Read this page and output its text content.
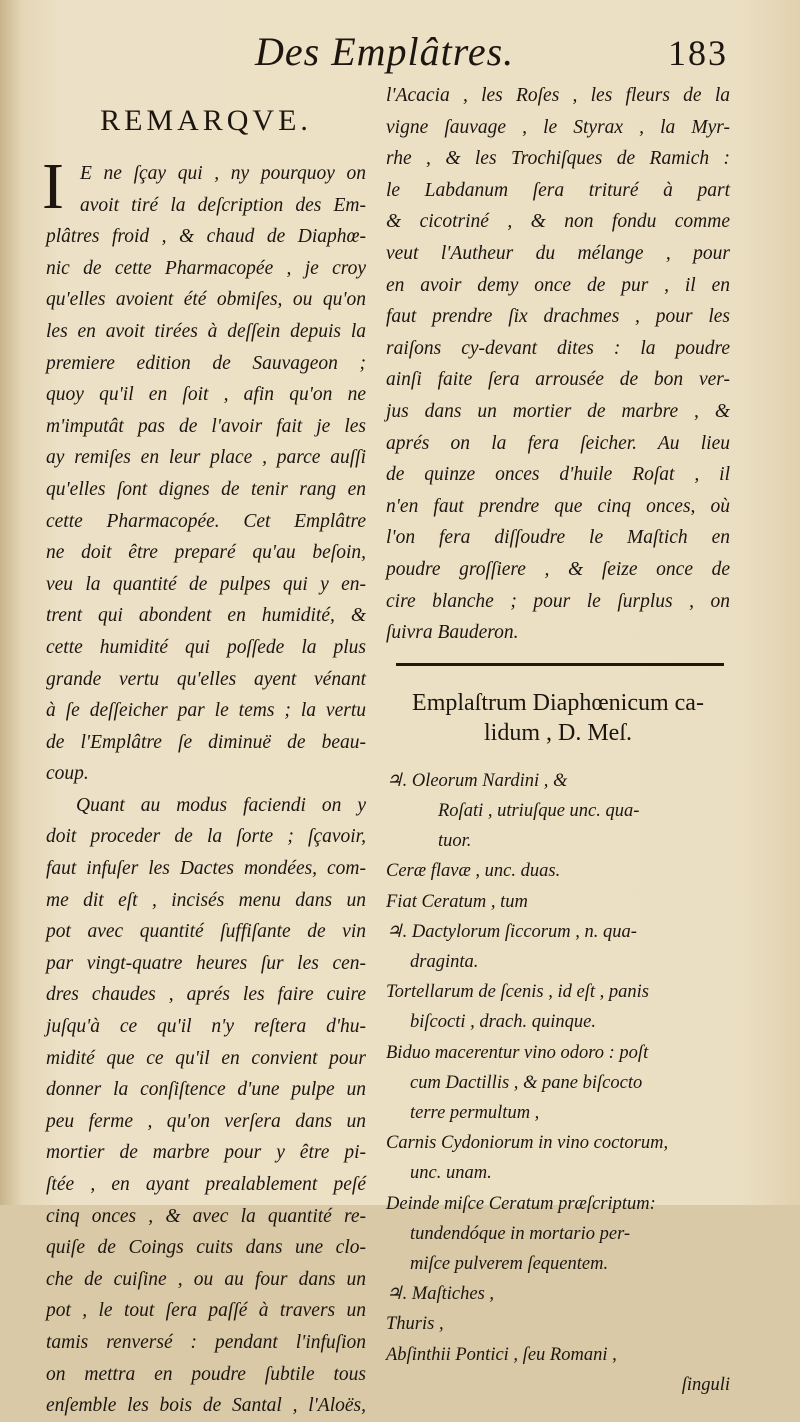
Des Emplâtres.	183
REMARQVE.
I E ne ſçay qui , ny pourquoy on
avoit tiré la deſcription des Em-
plâtres froid , & chaud de Diaphœ-
nic de cette Pharmacopée , je croy
qu'elles avoient été obmiſes, ou qu'on
les en avoit tirées à deſſein depuis la
premiere edition de Sauvageon ;
quoy qu'il en ſoit , afin qu'on ne
m'imputât pas de l'avoir fait je les
ay remiſes en leur place , parce auſſi
qu'elles ſont dignes de tenir rang en
cette Pharmacopée. Cet Emplâtre
ne doit être preparé qu'au beſoin,
veu la quantité de pulpes qui y en-
trent qui abondent en humidité, &
cette humidité qui poſſede la plus
grande vertu qu'elles ayent vénant
à ſe deſſeicher par le tems ; la vertu
de l'Emplâtre ſe diminuë de beau-
coup.
Quant au modus faciendi on y
doit proceder de la ſorte ; ſçavoir,
faut infuſer les Dactes mondées, com-
me dit eſt , incisés menu dans un
pot avec quantité ſuffiſante de vin
par vingt-quatre heures ſur les cen-
dres chaudes , aprés les faire cuire
juſqu'à ce qu'il n'y reſtera d'hu-
midité que ce qu'il en convient pour
donner la conſiſtence d'une pulpe un
peu ferme , qu'on verſera dans un
mortier de marbre pour y être pi-
ſtée , en ayant prealablement peſé
cinq onces , & avec la quantité re-
quiſe de Coings cuits dans une clo-
che de cuiſine , ou au four dans un
pot , le tout ſera paſſé à travers un
tamis renversé : pendant l'infuſion
on mettra en poudre ſubtile tous
enſemble les bois de Santal , l'Aloës,
l'Acacia , les Roſes , les fleurs de la
vigne ſauvage , le Styrax , la Myr-
rhe , & les Trochiſques de Ramich :
le Labdanum ſera trituré à part
& cicotriné , & non fondu comme
veut l'Autheur du mélange , pour
en avoir demy once de pur , il en
faut prendre ſix drachmes , pour les
raiſons cy-devant dites : la poudre
ainſi faite ſera arrousée de bon ver-
jus dans un mortier de marbre , &
aprés on la fera ſeicher. Au lieu
de quinze onces d'huile Roſat , il
n'en faut prendre que cinq onces, où
l'on fera diſſoudre le Maſtich en
poudre groſſiere , & ſeize once de
cire blanche ; pour le ſurplus , on
ſuivra Bauderon.
Emplaſtrum Diaphœnicum ca-
lidum , D. Meſ.
♃. Oleorum Nardini , &
Roſati , utriuſque unc. qua-
tuor.
Ceræ flavæ , unc. duas.
Fiat Ceratum , tum
♃. Dactylorum ſiccorum , n. qua-
draginta.
Tortellarum de ſcenis , id eſt , panis
biſcocti , drach. quinque.
Biduo macerentur vino odoro : poſt
cum Dactillis , & pane biſcocto
terre permultum ,
Carnis Cydoniorum in vino coctorum,
unc. unam.
Deinde miſce Ceratum præſcriptum:
tundendóque in mortario per-
miſce pulverem ſequentem.
♃. Maſtiches ,
Thuris ,
Abſinthii Pontici , ſeu Romani ,
ſinguli
